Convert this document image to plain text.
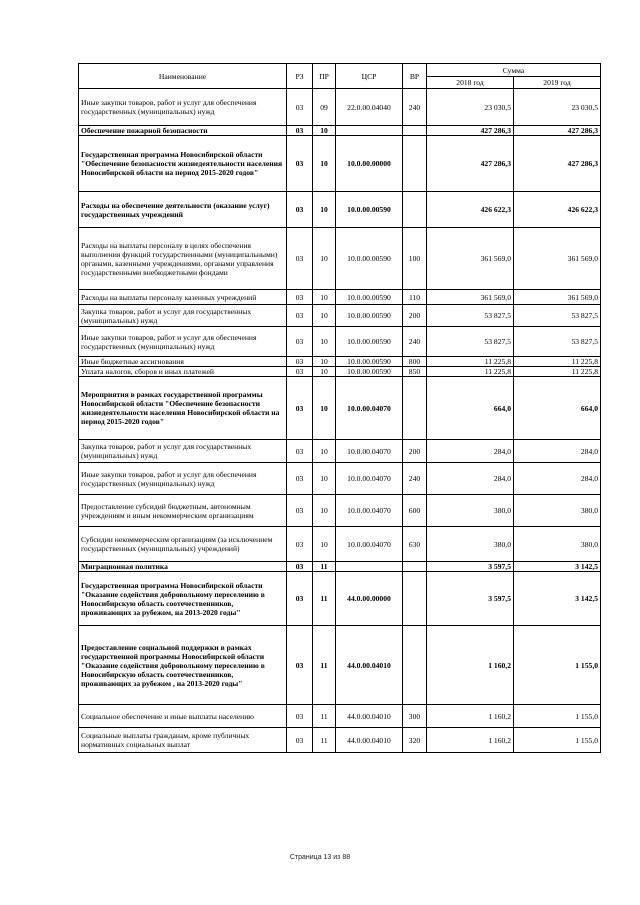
Наименование	РЗ	ПР	ЦСР	ВР	Сумма	
					2018 год	2019 год
Иные закупки товаров, работ и услуг для обеспечения государственных (муниципальных) нужд	03	09	22.0.00.04040	240	23 030,5	23 030,5
Обеспечение пожарной безопасности	03	10			427 286,3	427 286,3
Государственная программа Новосибирской области "Обеспечение безопасности жизнедеятельности населения Новосибирской области на период 2015-2020 годов"	03	10	10.0.00.00000		427 286,3	427 286,3
Расходы на обеспечение деятельности (оказание услуг) государственных учреждений	03	10	10.0.00.00590		426 622,3	426 622,3
Расходы на выплаты персоналу в целях обеспечения выполнения функций государственными (муниципальными) органами, казенными учреждениями, органами управления государственными внебюджетными фондами	03	10	10.0.00.00590	100	361 569,0	361 569,0
Расходы на выплаты персоналу казенных учреждений	03	10	10.0.00.00590	110	361 569,0	361 569,0
Закупка товаров, работ и услуг для государственных (муниципальных) нужд	03	10	10.0.00.00590	200	53 827,5	53 827,5
Иные закупки товаров, работ и услуг для обеспечения государственных (муниципальных) нужд	03	10	10.0.00.00590	240	53 827,5	53 827,5
Иные бюджетные ассигнования	03	10	10.0.00.00590	800	11 225,8	11 225,8
Уплата налогов, сборов и иных платежей	03	10	10.0.00.00590	850	11 225,8	11 225,8
Мероприятия в рамках государственной программы Новосибирской области "Обеспечение безопасности жизнедеятельности населения Новосибирской области на период 2015-2020 годов"	03	10	10.0.00.04070		664,0	664,0
Закупка товаров, работ и услуг для государственных (муниципальных) нужд	03	10	10.0.00.04070	200	284,0	284,0
Иные закупки товаров, работ и услуг для обеспечения государственных (муниципальных) нужд	03	10	10.0.00.04070	240	284,0	284,0
Предоставление субсидий бюджетным, автономным учреждениям и иным некоммерческим организациям	03	10	10.0.00.04070	600	380,0	380,0
Субсидии некоммерческим организациям (за исключением государственных (муниципальных) учреждений)	03	10	10.0.00.04070	630	380,0	380,0
Миграционная политика	03	11			3 597,5	3 142,5
Государственная программа Новосибирской области "Оказание содействия добровольному переселению в Новосибирскую область соотечественников, проживающих за рубежом, на 2013-2020 годы"	03	11	44.0.00.00000		3 597,5	3 142,5
Предоставление социальной поддержки в рамках государственной программы Новосибирской области "Оказание содействия добровольному переселению в Новосибирскую область соотечественников, проживающих за рубежом , на 2013-2020 годы"	03	11	44.0.00.04010		1 160,2	1 155,0
Социальное обеспечение и иные выплаты населению	03	11	44.0.00.04010	300	1 160,2	1 155,0
Социальные выплаты гражданам, кроме публичных нормативных социальных выплат	03	11	44.0.00.04010	320	1 160,2	1 155,0
Страница 13 из 88
